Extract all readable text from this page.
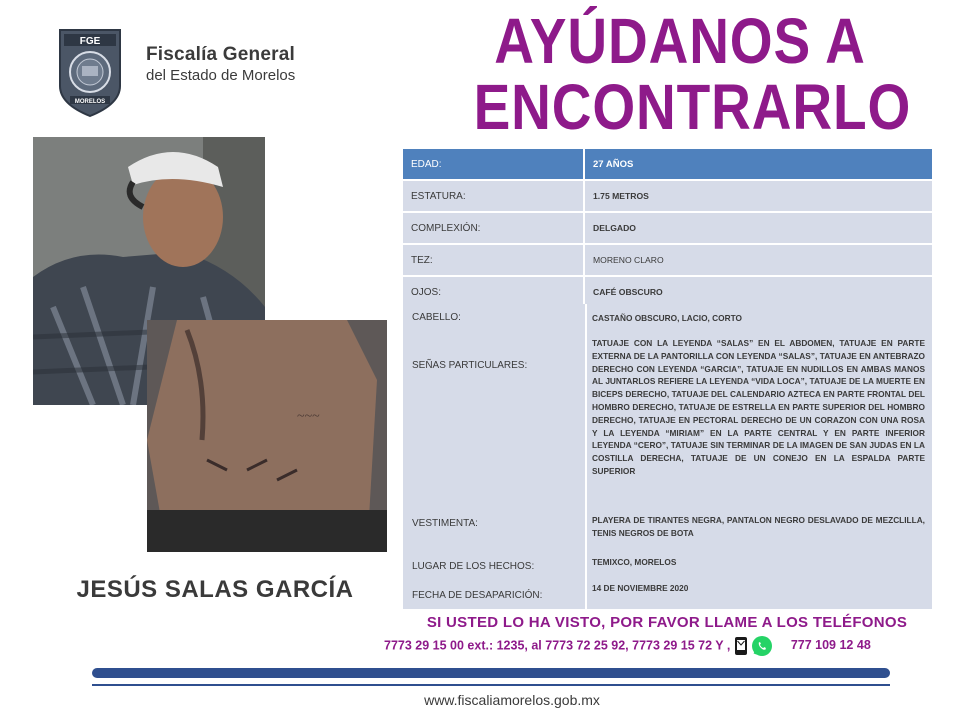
FGE
MORELOS
Fiscalía General
del Estado de Morelos	AYÚDANOS A
ENCONTRARLO
~~~
JESÚS SALAS GARCÍA
EDAD:	27 AÑOS
ESTATURA:	1.75 METROS
COMPLEXIÓN:	DELGADO
TEZ:	MORENO CLARO
OJOS:	CAFÉ OBSCURO
CABELLO:	CASTAÑO OBSCURO, LACIO, CORTO
SEÑAS PARTICULARES:
TATUAJE CON LA LEYENDA “SALAS” EN EL ABDOMEN, TATUAJE EN PARTE EXTERNA DE LA PANTORILLA CON LEYENDA “SALAS”, TATUAJE EN ANTEBRAZO DERECHO CON LEYENDA “GARCIA”, TATUAJE EN NUDILLOS EN AMBAS MANOS AL JUNTARLOS REFIERE LA LEYENDA “VIDA LOCA”, TATUAJE DE LA MUERTE EN BICEPS DERECHO, TATUAJE DEL CALENDARIO AZTECA EN PARTE FRONTAL DEL HOMBRO DERECHO, TATUAJE DE ESTRELLA EN PARTE SUPERIOR DEL HOMBRO DERECHO, TATUAJE EN PECTORAL DERECHO DE UN CORAZON CON UNA ROSA Y LA LEYENDA “MIRIAM” EN LA PARTE CENTRAL Y EN PARTE INFERIOR LEYENDA “CERO”, TATUAJE SIN TERMINAR DE LA IMAGEN DE SAN JUDAS EN LA COSTILLA DERECHA, TATUAJE DE UN CONEJO EN LA ESPALDA PARTE SUPERIOR
VESTIMENTA:	PLAYERA DE TIRANTES NEGRA, PANTALON NEGRO DESLAVADO DE MEZCLILLA, TENIS NEGROS DE BOTA
LUGAR DE LOS HECHOS:	TEMIXCO, MORELOS
FECHA DE DESAPARICIÓN:
14 DE NOVIEMBRE 2020
SI USTED LO HA VISTO, POR FAVOR LLAME A LOS TELÉFONOS
7773 29 15 00 ext.: 1235, al 7773 72 25 92, 7773 29 15 72 Y ,	777 109 12 48
www.fiscaliamorelos.gob.mx
